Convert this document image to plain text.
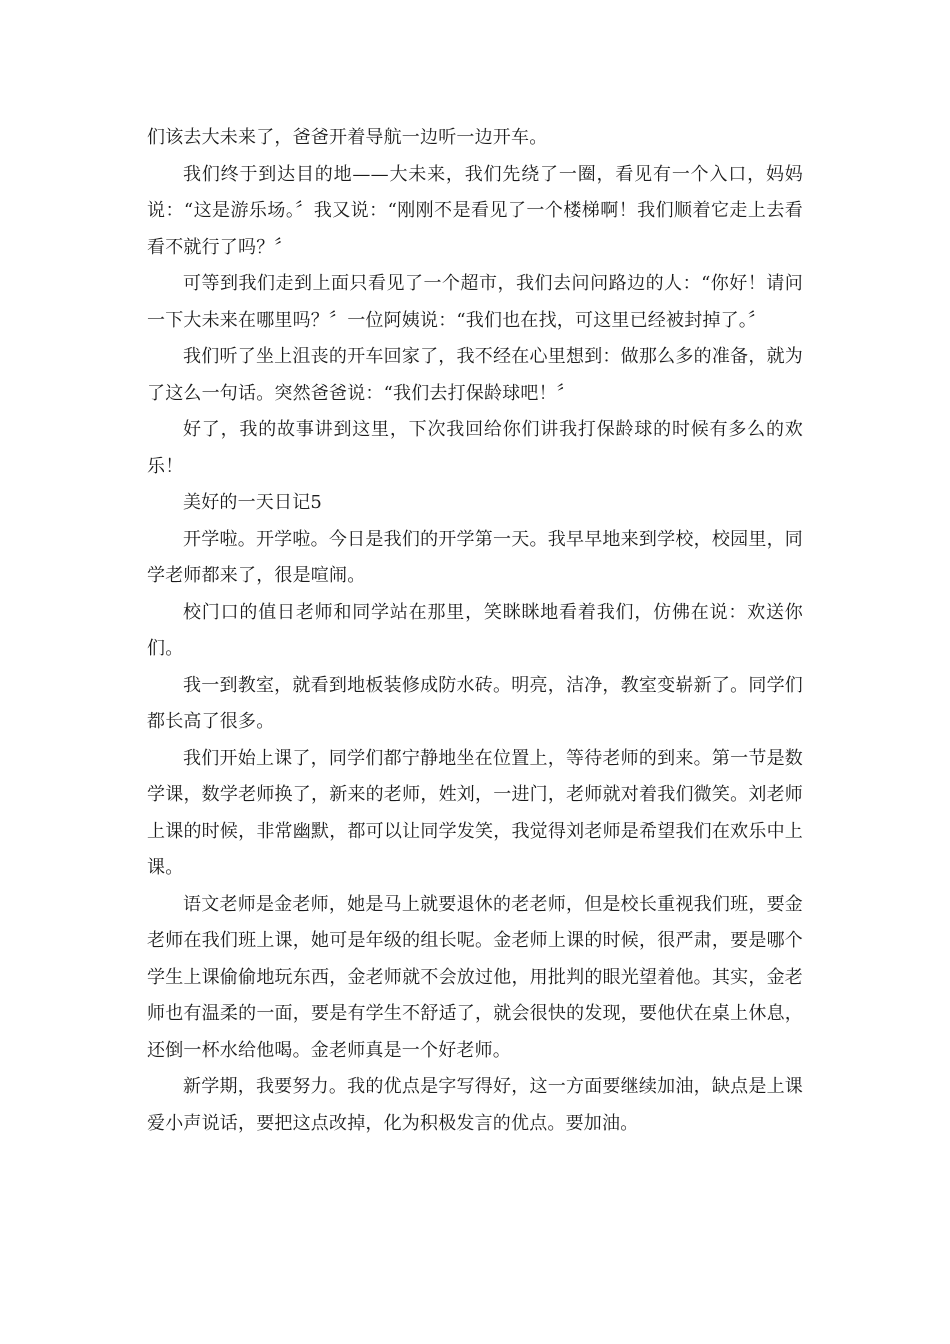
们该去大未来了，爸爸开着导航一边听一边开车。

我们终于到达目的地——大未来，我们先绕了一圈，看见有一个入口，妈妈说：“这是游乐场。〞我又说：“刚刚不是看见了一个楼梯啊！我们顺着它走上去看看不就行了吗？〞

可等到我们走到上面只看见了一个超市，我们去问问路边的人：“你好！请问一下大未来在哪里吗？〞一位阿姨说：“我们也在找，可这里已经被封掉了。〞

我们听了坐上沮丧的开车回家了，我不经在心里想到：做那么多的准备，就为了这么一句话。突然爸爸说：“我们去打保龄球吧！〞

好了，我的故事讲到这里，下次我回给你们讲我打保龄球的时候有多么的欢乐！

美好的一天日记5

开学啦。开学啦。今日是我们的开学第一天。我早早地来到学校，校园里，同学老师都来了，很是喧闹。

校门口的值日老师和同学站在那里，笑眯眯地看着我们，仿佛在说：欢送你们。

我一到教室，就看到地板装修成防水砖。明亮，洁净，教室变崭新了。同学们都长高了很多。

我们开始上课了，同学们都宁静地坐在位置上，等待老师的到来。第一节是数学课，数学老师换了，新来的老师，姓刘，一进门，老师就对着我们微笑。刘老师上课的时候，非常幽默，都可以让同学发笑，我觉得刘老师是希望我们在欢乐中上课。

语文老师是金老师，她是马上就要退休的老老师，但是校长重视我们班，要金老师在我们班上课，她可是年级的组长呢。金老师上课的时候，很严肃，要是哪个学生上课偷偷地玩东西，金老师就不会放过他，用批判的眼光望着他。其实，金老师也有温柔的一面，要是有学生不舒适了，就会很快的发现，要他伏在桌上休息，还倒一杯水给他喝。金老师真是一个好老师。

新学期，我要努力。我的优点是字写得好，这一方面要继续加油，缺点是上课爱小声说话，要把这点改掉，化为积极发言的优点。要加油。
